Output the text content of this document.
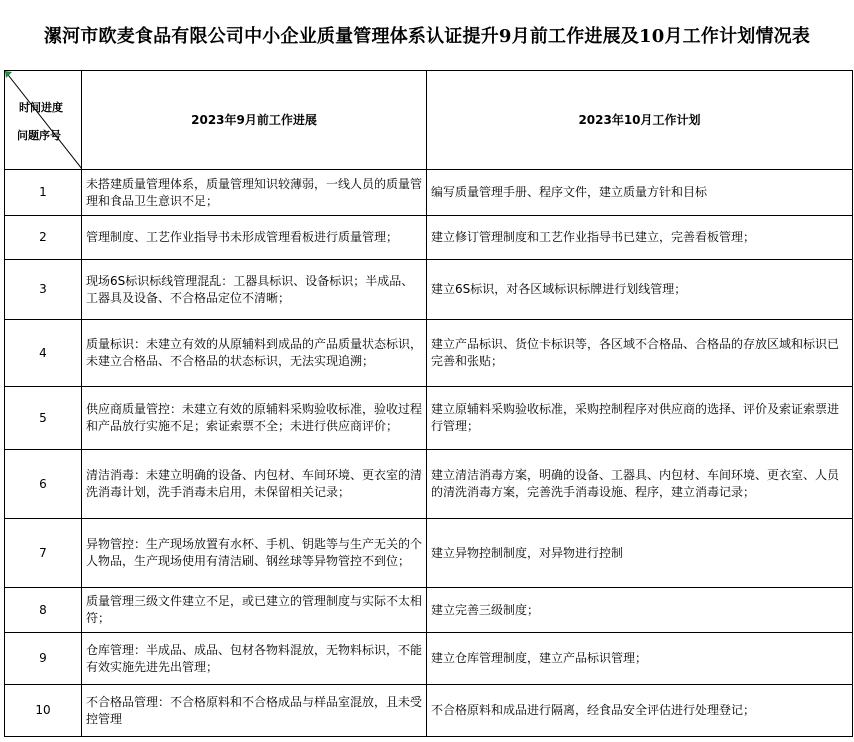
漯河市欧麦食品有限公司中小企业质量管理体系认证提升9月前工作进展及10月工作计划情况表
时间进度
问题序号	2023年9月前工作进展	2023年10月工作计划
1	未搭建质量管理体系，质量管理知识较薄弱，一线人员的质量管理和食品卫生意识不足；	编写质量管理手册、程序文件，建立质量方针和目标
2	管理制度、工艺作业指导书未形成管理看板进行质量管理；	建立修订管理制度和工艺作业指导书已建立，完善看板管理；
3	现场6S标识标线管理混乱：工器具标识、设备标识；半成品、工器具及设备、不合格品定位不清晰；	建立6S标识，对各区域标识标牌进行划线管理；
4	质量标识：未建立有效的从原辅料到成品的产品质量状态标识，未建立合格品、不合格品的状态标识，无法实现追溯；	建立产品标识、货位卡标识等，各区域不合格品、合格品的存放区域和标识已完善和张贴；
5	供应商质量管控：未建立有效的原辅料采购验收标准，验收过程和产品放行实施不足；索证索票不全；未进行供应商评价；	建立原辅料采购验收标准，采购控制程序对供应商的选择、评价及索证索票进行管理；
6	清洁消毒：未建立明确的设备、内包材、车间环境、更衣室的清洗消毒计划，洗手消毒未启用，未保留相关记录；	建立清洁消毒方案，明确的设备、工器具、内包材、车间环境、更衣室、人员的清洗消毒方案，完善洗手消毒设施、程序，建立消毒记录；
7	异物管控：生产现场放置有水杯、手机、钥匙等与生产无关的个人物品，生产现场使用有清洁刷、钢丝球等异物管控不到位；	建立异物控制制度，对异物进行控制
8	质量管理三级文件建立不足，或已建立的管理制度与实际不太相符；	建立完善三级制度；
9	仓库管理：半成品、成品、包材各物料混放，无物料标识，不能有效实施先进先出管理；	建立仓库管理制度，建立产品标识管理；
10	不合格品管理：不合格原料和不合格成品与样品室混放，且未受控管理	不合格原料和成品进行隔离，经食品安全评估进行处理登记；
